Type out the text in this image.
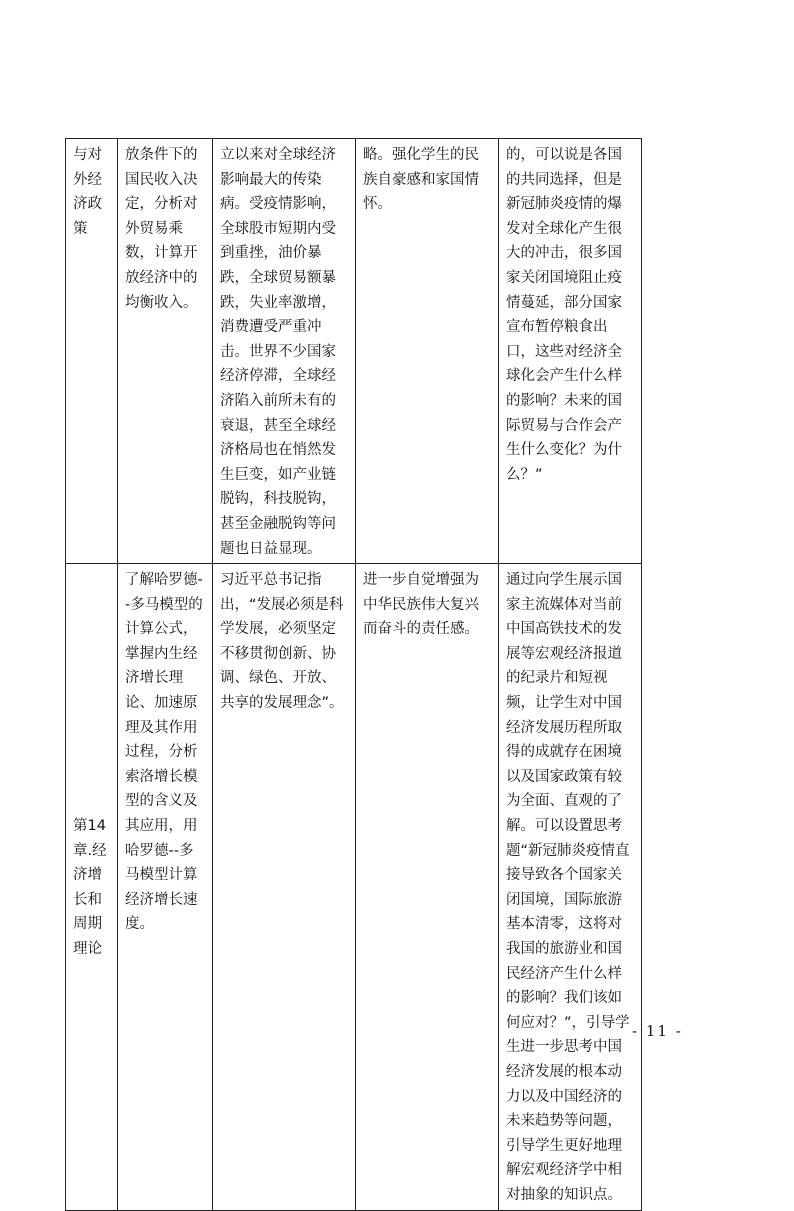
与对外经济政策	放条件下的国民收入决定，分析对外贸易乘数，计算开放经济中的均衡收入。	立以来对全球经济影响最大的传染病。受疫情影响，全球股市短期内受到重挫，油价暴跌，全球贸易额暴跌，失业率激增，消费遭受严重冲击。世界不少国家经济停滞，全球经济陷入前所未有的衰退，甚至全球经济格局也在悄然发生巨变，如产业链脱钩，科技脱钩，甚至金融脱钩等问题也日益显现。	略。强化学生的民族自豪感和家国情怀。	的，可以说是各国的共同选择，但是新冠肺炎疫情的爆发对全球化产生很大的冲击，很多国家关闭国境阻止疫情蔓延，部分国家宣布暂停粮食出口，这些对经济全球化会产生什么样的影响？未来的国际贸易与合作会产生什么变化？为什么？”
第14章.经济增长和周期理论	了解哈罗德--多马模型的计算公式，掌握内生经济增长理论、加速原理及其作用过程，分析索洛增长模型的含义及其应用，用哈罗德--多马模型计算经济增长速度。	习近平总书记指出，“发展必须是科学发展，必须坚定不移贯彻创新、协调、绿色、开放、共享的发展理念”。	进一步自觉增强为中华民族伟大复兴而奋斗的责任感。	通过向学生展示国家主流媒体对当前中国高铁技术的发展等宏观经济报道的纪录片和短视频，让学生对中国经济发展历程所取得的成就存在困境以及国家政策有较为全面、直观的了解。可以设置思考题“新冠肺炎疫情直接导致各个国家关闭国境，国际旅游基本清零，这将对我国的旅游业和国民经济产生什么样的影响？我们该如何应对？”，引导学生进一步思考中国经济发展的根本动力以及中国经济的未来趋势等问题，引导学生更好地理解宏观经济学中相对抽象的知识点。
- 11 -
